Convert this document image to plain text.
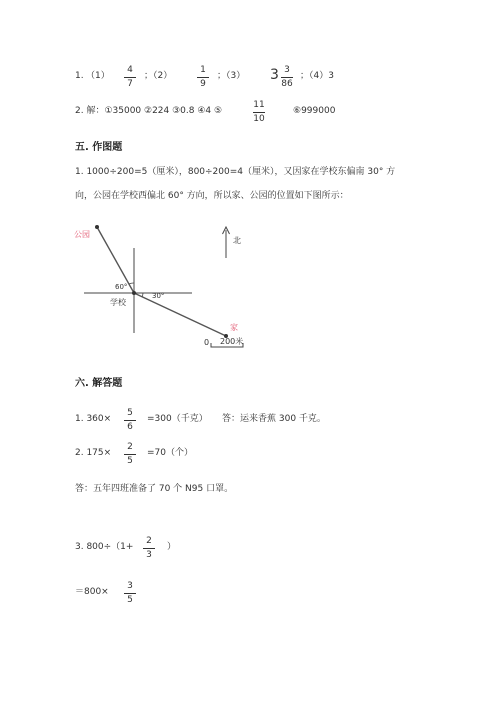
1. （1）
4
7
；（2）
1
9
；（3） 3 3
86
；（4）3
2. 解：①35000 ②224 ③0.8 ④4 ⑤
11
10
⑥999000
五. 作图题
1. 1000÷200=5（厘米），800÷200=4（厘米），又因家在学校东偏南 30° 方
向，公园在学校西偏北 60° 方向，所以家、公园的位置如下图所示：
公园
60°
30°
学校
家
北
0 200米
六. 解答题
1. 360×
5
6
=300（千克） 答：运来香蕉 300 千克。
2. 175×
2
5
=70（个）
答：五年四班准备了 70 个 N95 口罩。
3. 800÷（1+
2
3
）
＝800×
3
5
